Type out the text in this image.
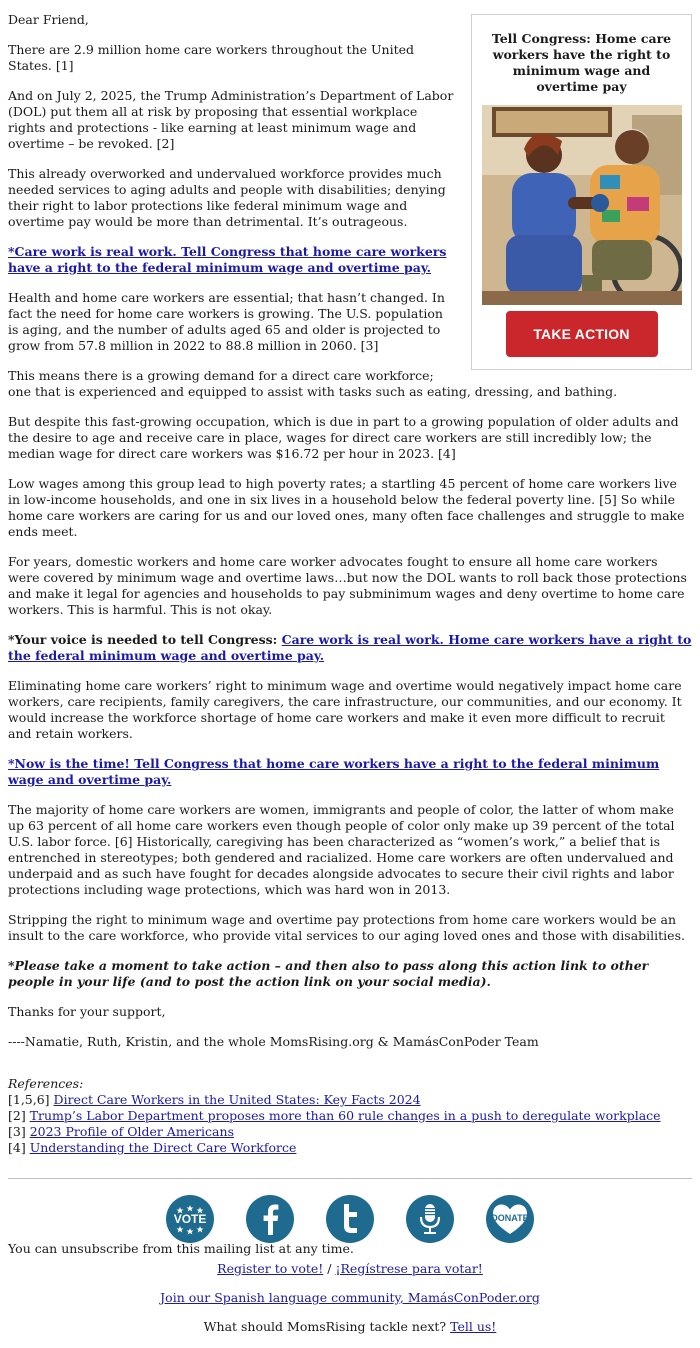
Tell Congress: Home care workers have the right to minimum wage and overtime pay
TAKE ACTION

Dear Friend,

There are 2.9 million home care workers throughout the United States. [1]

And on July 2, 2025, the Trump Administration’s Department of Labor (DOL) put them all at risk by proposing that essential workplace rights and protections - like earning at least minimum wage and overtime – be revoked. [2]

This already overworked and undervalued workforce provides much needed services to aging adults and people with disabilities; denying their right to labor protections like federal minimum wage and overtime pay would be more than detrimental. It’s outrageous.

*Care work is real work. Tell Congress that home care workers have a right to the federal minimum wage and overtime pay.

Health and home care workers are essential; that hasn’t changed. In fact the need for home care workers is growing. The U.S. population is aging, and the number of adults aged 65 and older is projected to grow from 57.8 million in 2022 to 88.8 million in 2060. [3]

This means there is a growing demand for a direct care workforce; one that is experienced and equipped to assist with tasks such as eating, dressing, and bathing.

But despite this fast-growing occupation, which is due in part to a growing population of older adults and the desire to age and receive care in place, wages for direct care workers are still incredibly low; the median wage for direct care workers was $16.72 per hour in 2023. [4]

Low wages among this group lead to high poverty rates; a startling 45 percent of home care workers live in low-income households, and one in six lives in a household below the federal poverty line. [5] So while home care workers are caring for us and our loved ones, many often face challenges and struggle to make ends meet.

For years, domestic workers and home care worker advocates fought to ensure all home care workers were covered by minimum wage and overtime laws…but now the DOL wants to roll back those protections and make it legal for agencies and households to pay subminimum wages and deny overtime to home care workers. This is harmful. This is not okay.

*Your voice is needed to tell Congress: Care work is real work. Home care workers have a right to the federal minimum wage and overtime pay.

Eliminating home care workers’ right to minimum wage and overtime would negatively impact home care workers, care recipients, family caregivers, the care infrastructure, our communities, and our economy. It would increase the workforce shortage of home care workers and make it even more difficult to recruit and retain workers.

*Now is the time! Tell Congress that home care workers have a right to the federal minimum wage and overtime pay.

The majority of home care workers are women, immigrants and people of color, the latter of whom make up 63 percent of all home care workers even though people of color only make up 39 percent of the total U.S. labor force. [6] Historically, caregiving has been characterized as “women’s work,” a belief that is entrenched in stereotypes; both gendered and racialized. Home care workers are often undervalued and underpaid and as such have fought for decades alongside advocates to secure their civil rights and labor protections including wage protections, which was hard won in 2013.

Stripping the right to minimum wage and overtime pay protections from home care workers would be an insult to the care workforce, who provide vital services to our aging loved ones and those with disabilities.

*Please take a moment to take action – and then also to pass along this action link to other people in your life (and to post the action link on your social media).

Thanks for your support,

----Namatie, Ruth, Kristin, and the whole MomsRising.org & MamásConPoder Team

References:
[1,5,6] Direct Care Workers in the United States: Key Facts 2024
[2] Trump’s Labor Department proposes more than 60 rule changes in a push to deregulate workplace
[3] 2023 Profile of Older Americans
[4] Understanding the Direct Care Workforce
VOTE

	DONATE

Register to vote! / ¡Regístrese para votar!

Join our Spanish language community, MamásConPoder.org

What should MomsRising tackle next? Tell us!

You can unsubscribe from this mailing list at any time.
